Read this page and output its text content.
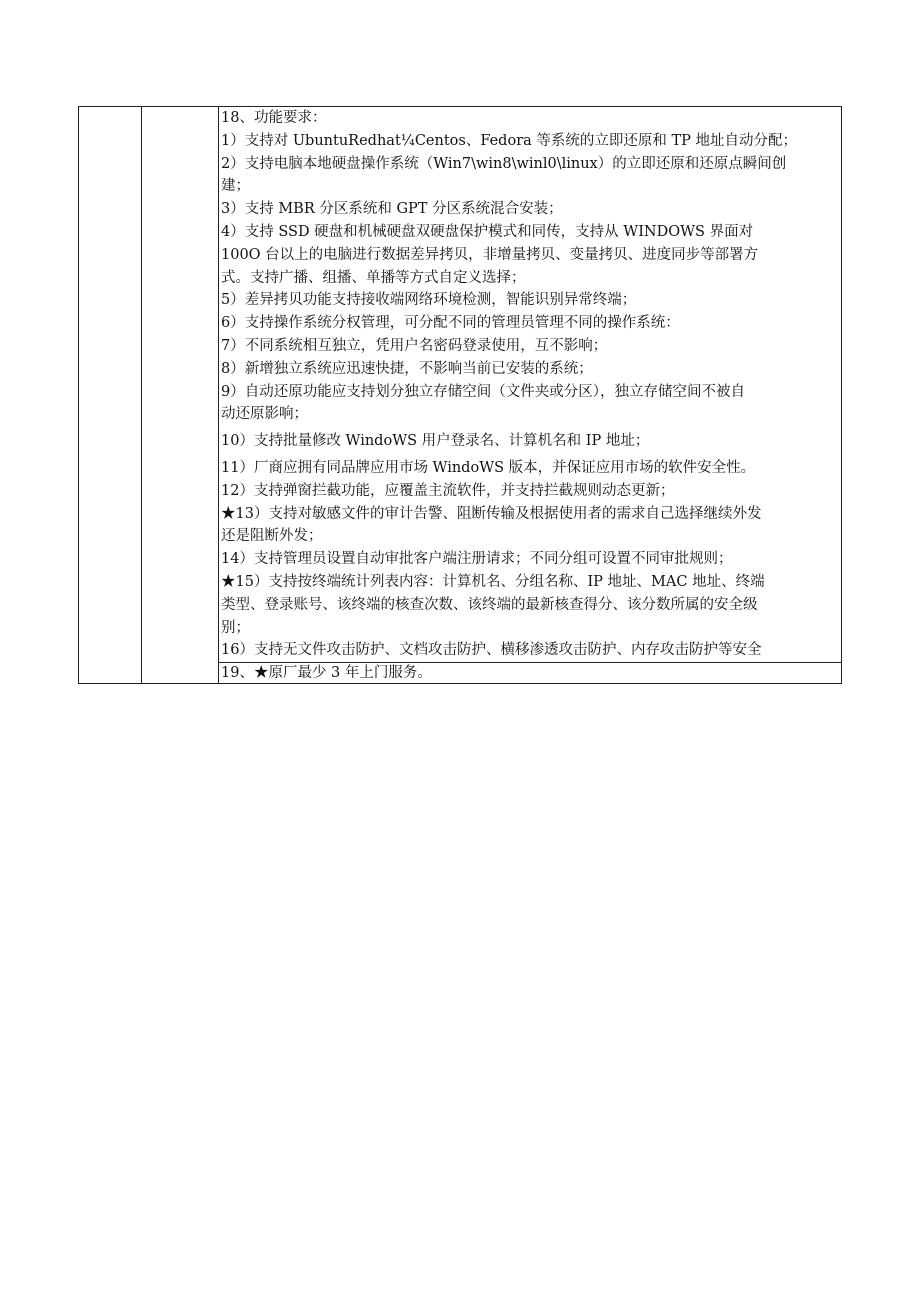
18、功能要求：
1）支持对 UbuntuRedhat¼Centos、Fedora 等系统的立即还原和 TP 地址自动分配；
2）支持电脑本地硬盘操作系统（Win7\win8\winl0\linux）的立即还原和还原点瞬间创
建；
3）支持 MBR 分区系统和 GPT 分区系统混合安装；
4）支持 SSD 硬盘和机械硬盘双硬盘保护模式和同传，支持从 WINDOWS 界面对
100O 台以上的电脑进行数据差异拷贝，非增量拷贝、变量拷贝、进度同步等部署方
式。支持广播、组播、单播等方式自定义选择；
5）差异拷贝功能支持接收端网络环境检测，智能识别异常终端；
6）支持操作系统分权管理，可分配不同的管理员管理不同的操作系统：
7）不同系统相互独立，凭用户名密码登录使用，互不影响；
8）新增独立系统应迅速快捷，不影响当前已安装的系统；
9）自动还原功能应支持划分独立存储空间（文件夹或分区），独立存储空间不被自
动还原影响；
10）支持批量修改 WindoWS 用户登录名、计算机名和 IP 地址；
11）厂商应拥有同品牌应用市场 WindoWS 版本，并保证应用市场的软件安全性。
12）支持弹窗拦截功能，应覆盖主流软件，并支持拦截规则动态更新；
★13）支持对敏感文件的审计告警、阻断传输及根据使用者的需求自己选择继续外发
还是阻断外发；
14）支持管理员设置自动审批客户端注册请求；不同分组可设置不同审批规则；
★15）支持按终端统计列表内容：计算机名、分组名称、IP 地址、MAC 地址、终端
类型、登录账号、该终端的核查次数、该终端的最新核查得分、该分数所属的安全级
别；
16）支持无文件攻击防护、文档攻击防护、横移渗透攻击防护、内存攻击防护等安全

19、★原厂最少 3 年上门服务。
